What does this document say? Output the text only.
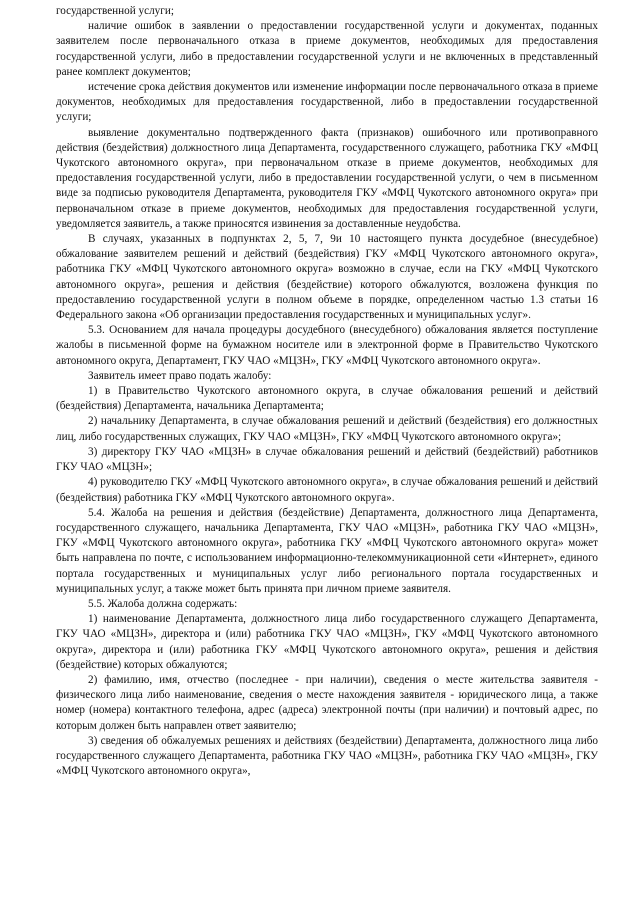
государственной услуги;

наличие ошибок в заявлении о предоставлении государственной услуги и документах, поданных заявителем после первоначального отказа в приеме документов, необходимых для предоставления государственной услуги, либо в предоставлении государственной услуги и не включенных в представленный ранее комплект документов;

истечение срока действия документов или изменение информации после первоначального отказа в приеме документов, необходимых для предоставления государственной, либо в предоставлении государственной услуги;

выявление документально подтвержденного факта (признаков) ошибочного или противоправного действия (бездействия) должностного лица Департамента, государственного служащего, работника ГКУ «МФЦ Чукотского автономного округа», при первоначальном отказе в приеме документов, необходимых для предоставления государственной услуги, либо в предоставлении государственной услуги, о чем в письменном виде за подписью руководителя Департамента, руководителя ГКУ «МФЦ Чукотского автономного округа» при первоначальном отказе в приеме документов, необходимых для предоставления государственной услуги, уведомляется заявитель, а также приносятся извинения за доставленные неудобства.

В случаях, указанных в подпунктах 2, 5, 7, 9и 10 настоящего пункта досудебное (внесудебное) обжалование заявителем решений и действий (бездействия) ГКУ «МФЦ Чукотского автономного округа», работника ГКУ «МФЦ Чукотского автономного округа» возможно в случае, если на ГКУ «МФЦ Чукотского автономного округа», решения и действия (бездействие) которого обжалуются, возложена функция по предоставлению государственной услуги в полном объеме в порядке, определенном частью 1.3 статьи 16 Федерального закона «Об организации предоставления государственных и муниципальных услуг».

5.3. Основанием для начала процедуры досудебного (внесудебного) обжалования является поступление жалобы в письменной форме на бумажном носителе или в электронной форме в Правительство Чукотского автономного округа, Департамент, ГКУ ЧАО «МЦЗН», ГКУ «МФЦ Чукотского автономного округа».

Заявитель имеет право подать жалобу:

1) в Правительство Чукотского автономного округа, в случае обжалования решений и действий (бездействия) Департамента, начальника Департамента;

2) начальнику Департамента, в случае обжалования решений и действий (бездействия) его должностных лиц, либо государственных служащих, ГКУ ЧАО «МЦЗН», ГКУ «МФЦ Чукотского автономного округа»;

3) директору ГКУ ЧАО «МЦЗН» в случае обжалования решений и действий (бездействий) работников ГКУ ЧАО «МЦЗН»;

4) руководителю ГКУ «МФЦ Чукотского автономного округа», в случае обжалования решений и действий (бездействия) работника ГКУ «МФЦ Чукотского автономного округа».

5.4. Жалоба на решения и действия (бездействие) Департамента, должностного лица Департамента, государственного служащего, начальника Департамента, ГКУ ЧАО «МЦЗН», работника ГКУ ЧАО «МЦЗН», ГКУ «МФЦ Чукотского автономного округа», работника ГКУ «МФЦ Чукотского автономного округа» может быть направлена по почте, с использованием информационно-телекоммуникационной сети «Интернет», единого портала государственных и муниципальных услуг либо регионального портала государственных и муниципальных услуг, а также может быть принята при личном приеме заявителя.

5.5. Жалоба должна содержать:

1) наименование Департамента, должностного лица либо государственного служащего Департамента, ГКУ ЧАО «МЦЗН», директора и (или) работника ГКУ ЧАО «МЦЗН», ГКУ «МФЦ Чукотского автономного округа», директора и (или) работника ГКУ «МФЦ Чукотского автономного округа», решения и действия (бездействие) которых обжалуются;

2) фамилию, имя, отчество (последнее - при наличии), сведения о месте жительства заявителя - физического лица либо наименование, сведения о месте нахождения заявителя - юридического лица, а также номер (номера) контактного телефона, адрес (адреса) электронной почты (при наличии) и почтовый адрес, по которым должен быть направлен ответ заявителю;

3) сведения об обжалуемых решениях и действиях (бездействии) Департамента, должностного лица либо государственного служащего Департамента, работника ГКУ ЧАО «МЦЗН», работника ГКУ ЧАО «МЦЗН», ГКУ «МФЦ Чукотского автономного округа»,
